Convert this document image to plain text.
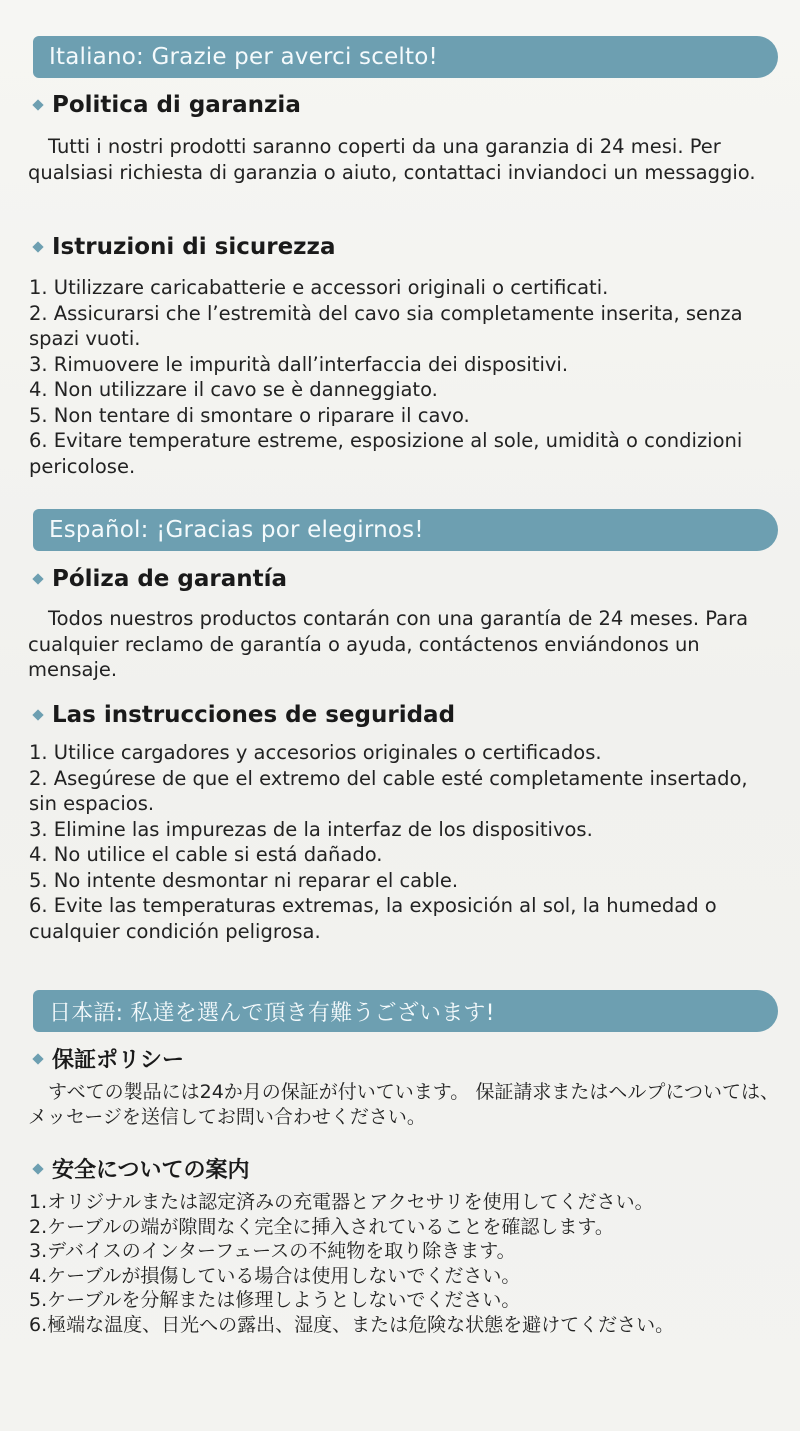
Italiano: Grazie per averci scelto!
Politica di garanzia
Tutti i nostri prodotti saranno coperti da una garanzia di 24 mesi. Per qualsiasi richiesta di garanzia o aiuto, contattaci inviandoci un messaggio.
Istruzioni di sicurezza
1. Utilizzare caricabatterie e accessori originali o certificati.
2. Assicurarsi che l’estremità del cavo sia completamente inserita, senza spazi vuoti.
3. Rimuovere le impurità dall’interfaccia dei dispositivi.
4. Non utilizzare il cavo se è danneggiato.
5. Non tentare di smontare o riparare il cavo.
6. Evitare temperature estreme, esposizione al sole, umidità o condizioni pericolose.
Español: ¡Gracias por elegirnos!
Póliza de garantía
Todos nuestros productos contarán con una garantía de 24 meses. Para cualquier reclamo de garantía o ayuda, contáctenos enviándonos un mensaje.
Las instrucciones de seguridad
1. Utilice cargadores y accesorios originales o certificados.
2. Asegúrese de que el extremo del cable esté completamente insertado, sin espacios.
3. Elimine las impurezas de la interfaz de los dispositivos.
4. No utilice el cable si está dañado.
5. No intente desmontar ni reparar el cable.
6. Evite las temperaturas extremas, la exposición al sol, la humedad o cualquier condición peligrosa.
日本語: 私達を選んで頂き有難うございます!
保証ポリシー
すべての製品には24か月の保証が付いています。 保証請求またはヘルプについては、メッセージを送信してお問い合わせください。
安全についての案内
1.オリジナルまたは認定済みの充電器とアクセサリを使用してください。
2.ケーブルの端が隙間なく完全に挿入されていることを確認します。
3.デバイスのインターフェースの不純物を取り除きます。
4.ケーブルが損傷している場合は使用しないでください。
5.ケーブルを分解または修理しようとしないでください。
6.極端な温度、日光への露出、湿度、または危険な状態を避けてください。
